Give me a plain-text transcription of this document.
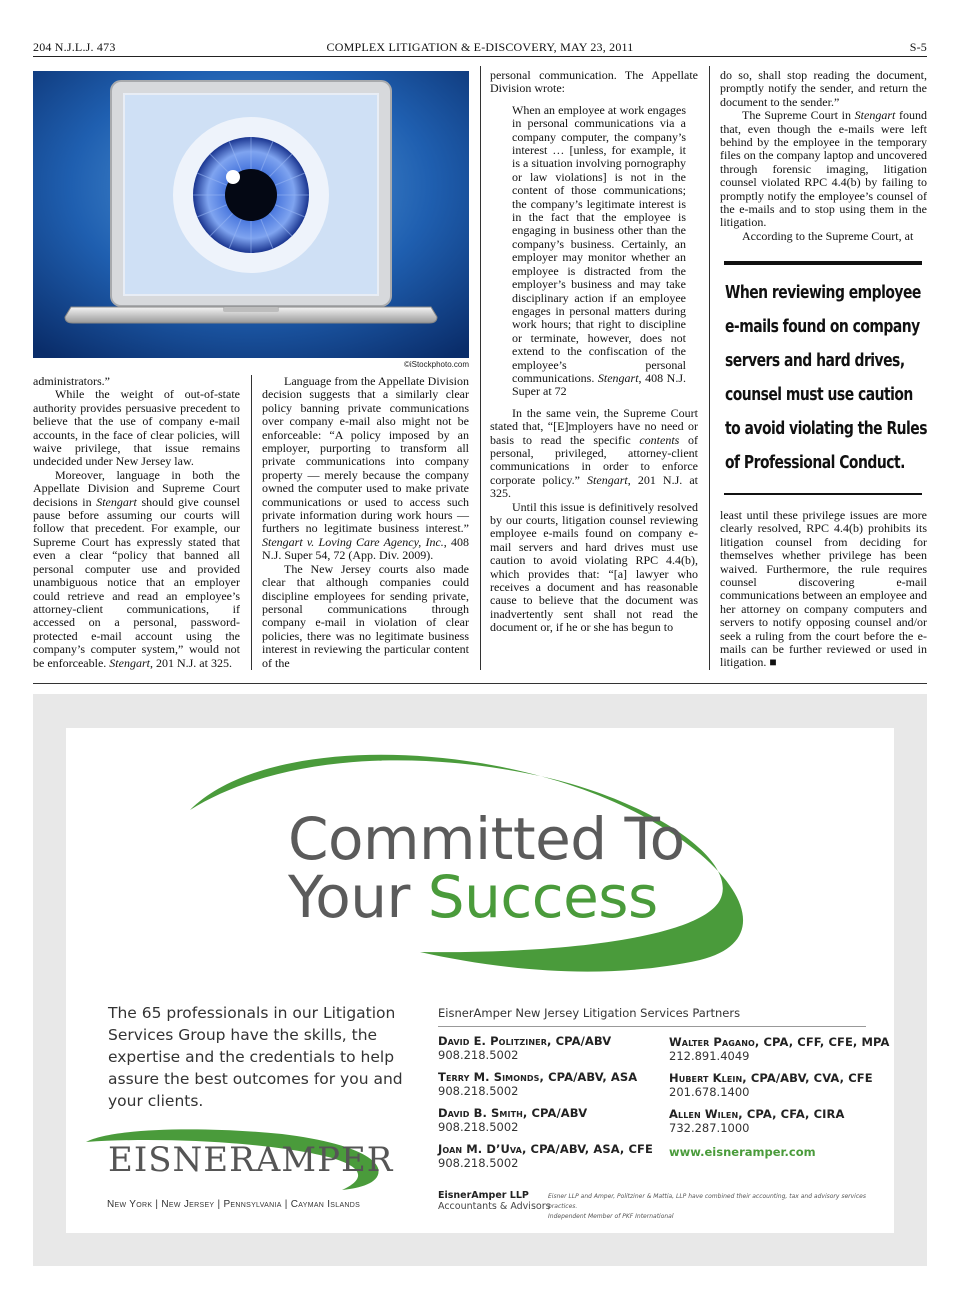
204 N.J.L.J. 473	COMPLEX LITIGATION & E-DISCOVERY, MAY 23, 2011	S-5
©iStockphoto.com

administrators.”

While the weight of out-of-state authority provides persuasive precedent to believe that the use of company e-mail accounts, in the face of clear policies, will waive privilege, that issue remains undecided under New Jersey law.

Moreover, language in both the Appellate Division and Supreme Court decisions in Stengart should give counsel pause before assuming our courts will follow that precedent. For example, our Supreme Court has expressly stated that even a clear “policy that banned all personal computer use and provided unambiguous notice that an employer could retrieve and read an employee’s attorney-client communications, if accessed on a personal, password-protected e-mail account using the company’s computer system,” would not be enforceable. Stengart, 201 N.J. at 325.

Language from the Appellate Division decision suggests that a similarly clear policy banning private communications over company e-mail also might not be enforceable: “A policy imposed by an employer, purporting to transform all private communications into company property — merely because the company owned the computer used to make private communications or used to access such private information during work hours — furthers no legitimate business interest.” Stengart v. Loving Care Agency, Inc., 408 N.J. Super 54, 72 (App. Div. 2009).

The New Jersey courts also made clear that although companies could discipline employees for sending private, personal communications through company e-mail in violation of clear policies, there was no legitimate business interest in reviewing the particular content of the

personal communication. The Appellate Division wrote:

When an employee at work engages in personal communications via a company computer, the company’s interest … [unless, for example, it is a situation involving pornography or law violations] is not in the content of those communications; the company’s legitimate interest is in the fact that the employee is engaging in business other than the company’s business. Certainly, an employer may monitor whether an employee is distracted from the employer’s business and may take disciplinary action if an employee engages in personal matters during work hours; that right to discipline or terminate, however, does not extend to the confiscation of the employee’s personal communications. Stengart, 408 N.J. Super at 72

In the same vein, the Supreme Court stated that, “[E]mployers have no need or basis to read the specific contents of personal, privileged, attorney-client communications in order to enforce corporate policy.” Stengart, 201 N.J. at 325.

Until this issue is definitively resolved by our courts, litigation counsel reviewing employee e-mails found on company e-mail servers and hard drives must use caution to avoid violating RPC 4.4(b), which provides that: “[a] lawyer who receives a document and has reasonable cause to believe that the document was inadvertently sent shall not read the document or, if he or she has begun to

do so, shall stop reading the document, promptly notify the sender, and return the document to the sender.”

The Supreme Court in Stengart found that, even though the e-mails were left behind by the employee in the temporary files on the company laptop and uncovered through forensic imaging, litigation counsel violated RPC 4.4(b) by failing to promptly notify the employee’s counsel of the e-mails and to stop using them in the litigation.

According to the Supreme Court, at

When reviewing employee e-mails found on company servers and hard drives, counsel must use caution to avoid violating the Rules of Professional Conduct.

least until these privilege issues are more clearly resolved, RPC 4.4(b) prohibits its litigation counsel from deciding for themselves whether privilege has been waived. Furthermore, the rule requires counsel discovering e-mail communications between an employee and her attorney on company computers and servers to notify opposing counsel and/or seek a ruling from the court before the e-mails can be further reviewed or used in litigation. ■

Committed To
Your Success
The 65 professionals in our Litigation Services Group have the skills, the expertise and the credentials to help assure the best outcomes for you and your clients.
EISNERAMPER
New York | New Jersey | Pennsylvania | Cayman Islands
EisnerAmper New Jersey Litigation Services Partners
David E. Politziner, CPA/ABV
908.218.5002
Terry M. Simonds, CPA/ABV, ASA
908.218.5002
David B. Smith, CPA/ABV
908.218.5002
Joan M. D’Uva, CPA/ABV, ASA, CFE
908.218.5002
Walter Pagano, CPA, CFF, CFE, MPA
212.891.4049
Hubert Klein, CPA/ABV, CVA, CFE
201.678.1400
Allen Wilen, CPA, CFA, CIRA
732.287.1000
www.eisneramper.com
EisnerAmper LLP
Accountants & Advisors
Eisner LLP and Amper, Politziner & Mattia, LLP have combined their accounting, tax and advisory services practices.
Independent Member of PKF International
